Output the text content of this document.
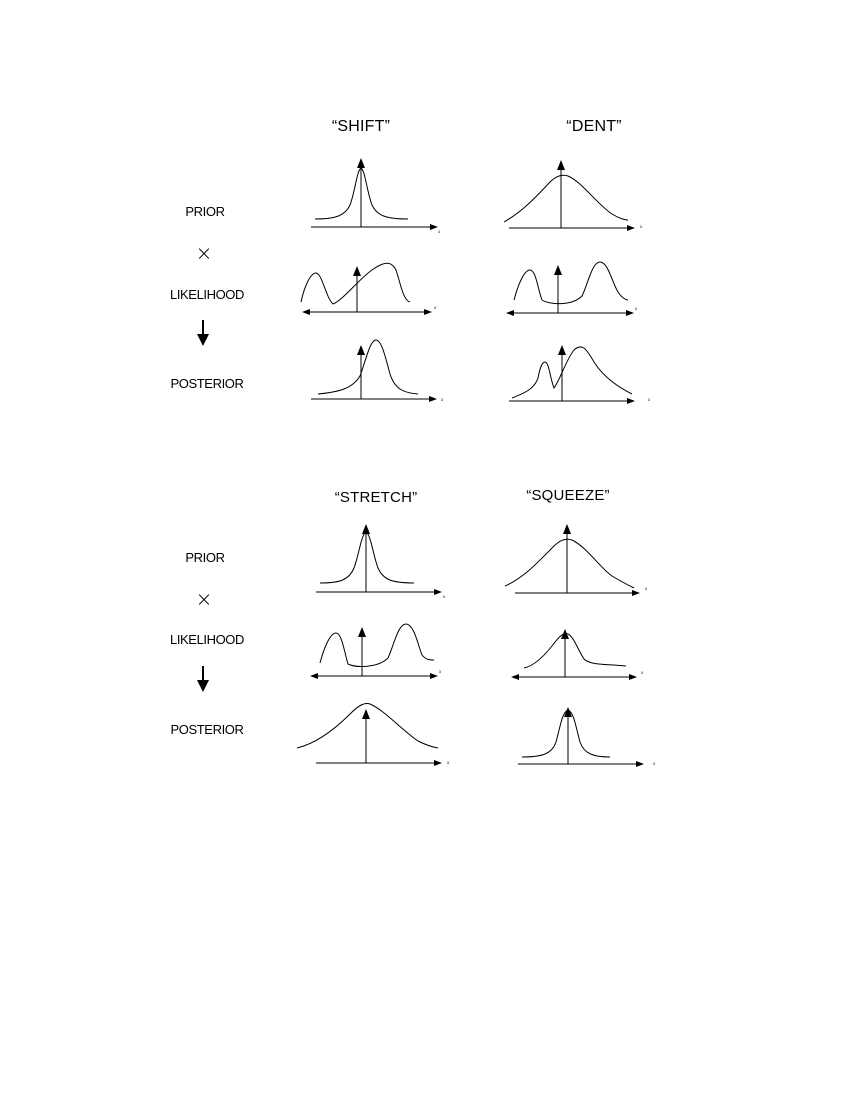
“SHIFT”	“DENT”
PRIOR
×
LIKELIHOOD
POSTERIOR
“STRETCH”	“SQUEEZE”
PRIOR
×
LIKELIHOOD
POSTERIOR
x
x
x
x
x
x
x
x
x
x
x
x
